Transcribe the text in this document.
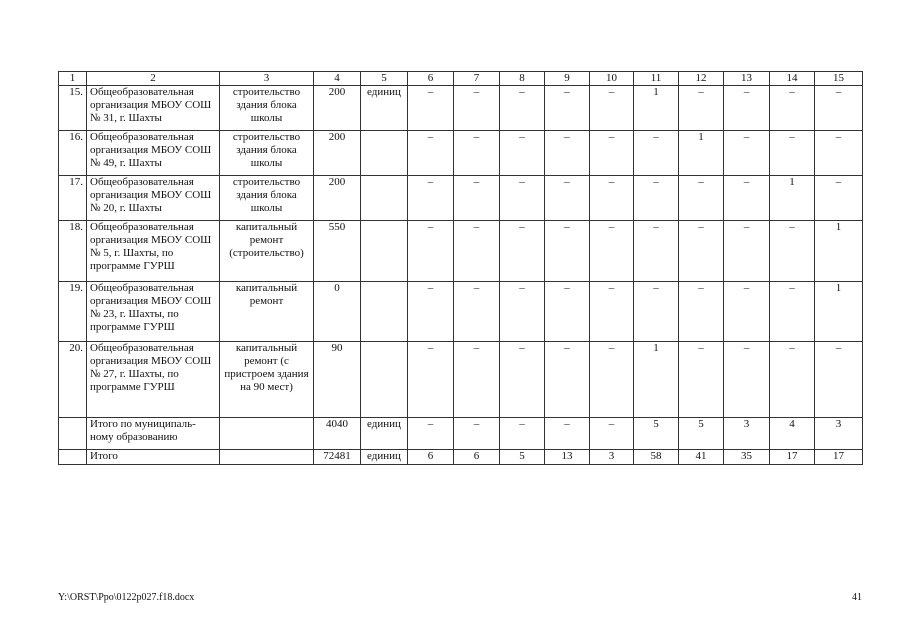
1	2	3	4	5	6	7	8	9	10	11	12	13	14	15
15.	Общеобразовательная организация МБОУ СОШ № 31, г. Шахты	строительство здания блока школы	200	единиц	–	–	–	–	–	1	–	–	–	–
16.	Общеобразовательная организация МБОУ СОШ № 49, г. Шахты	строительство здания блока школы	200		–	–	–	–	–	–	1	–	–	–
17.	Общеобразовательная организация МБОУ СОШ № 20, г. Шахты	строительство здания блока школы	200		–	–	–	–	–	–	–	–	1	–
18.	Общеобразовательная организация МБОУ СОШ № 5, г. Шахты, по программе ГУРШ	капитальный ремонт (строительство)	550		–	–	–	–	–	–	–	–	–	1
19.	Общеобразовательная организация МБОУ СОШ № 23, г. Шахты, по программе ГУРШ	капитальный ремонт	0		–	–	–	–	–	–	–	–	–	1
20.	Общеобразовательная организация МБОУ СОШ № 27, г. Шахты, по программе ГУРШ	капитальный ремонт (с пристроем здания на 90 мест)	90		–	–	–	–	–	1	–	–	–	–
	Итого по муниципаль-ному образованию		4040	единиц	–	–	–	–	–	5	5	3	4	3
	Итого		72481	единиц	6	6	5	13	3	58	41	35	17	17
Y:\ORST\Ppo\0122p027.f18.docx	41
